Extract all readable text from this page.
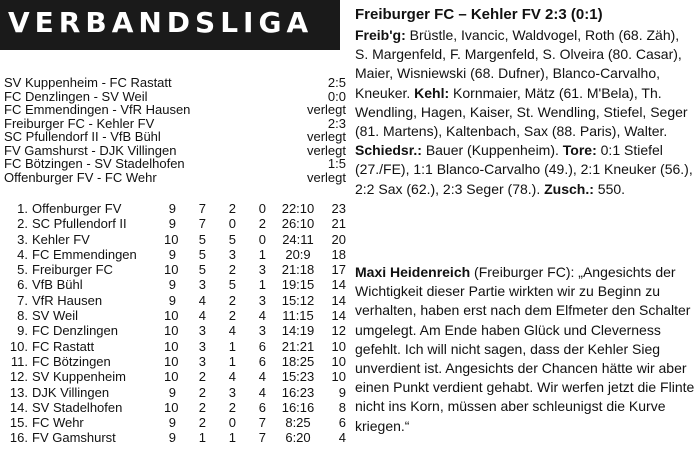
VERBANDSLIGA
SV Kuppenheim - FC Rastatt	2:5
FC Denzlingen - SV Weil	0:0
FC Emmendingen - VfR Hausen	verlegt
Freiburger FC - Kehler FV	2:3
SC Pfullendorf II - VfB Bühl	verlegt
FV Gamshurst - DJK Villingen	verlegt
FC Bötzingen - SV Stadelhofen	1:5
Offenburger FV - FC Wehr	verlegt
1. Offenburger FV	9	7	2	0	22:10	23
2. SC Pfullendorf II	9	7	0	2	26:10	21
3. Kehler FV	10	5	5	0	24:11	20
4. FC Emmendingen	9	5	3	1	20:9	18
5. Freiburger FC	10	5	2	3	21:18	17
6. VfB Bühl	9	3	5	1	19:15	14
7. VfR Hausen	9	4	2	3	15:12	14
8. SV Weil	10	4	2	4	11:15	14
9. FC Denzlingen	10	3	4	3	14:19	12
10. FC Rastatt	10	3	1	6	21:21	10
11. FC Bötzingen	10	3	1	6	18:25	10
12. SV Kuppenheim	10	2	4	4	15:23	10
13. DJK Villingen	9	2	3	4	16:23	9
14. SV Stadelhofen	10	2	2	6	16:16	8
15. FC Wehr	9	2	0	7	8:25	6
16. FV Gamshurst	9	1	1	7	6:20	4
Freiburger FC – Kehler FV 2:3 (0:1)
Freib'g: Brüstle, Ivancic, Waldvogel, Roth (68. Zäh), S. Margenfeld, F. Margenfeld, S. Olveira (80. Casar), Maier, Wisniewski (68. Dufner), Blanco-Carvalho, Kneuker. Kehl: Kornmaier, Mätz (61. M'Bela), Th. Wendling, Hagen, Kaiser, St. Wendling, Stiefel, Seger (81. Martens), Kaltenbach, Sax (88. Paris), Walter. Schiedsr.: Bauer (Kuppenheim). Tore: 0:1 Stiefel (27./FE), 1:1 Blanco-Carvalho (49.), 2:1 Kneuker (56.), 2:2 Sax (62.), 2:3 Seger (78.). Zusch.: 550.
Maxi Heidenreich (Freiburger FC): „Angesichts der Wichtigkeit dieser Partie wirkten wir zu Beginn zu verhalten, haben erst nach dem Elfmeter den Schalter umgelegt. Am Ende haben Glück und Cleverness gefehlt. Ich will nicht sagen, dass der Kehler Sieg unverdient ist. Angesichts der Chancen hätte wir aber einen Punkt verdient gehabt. Wir werfen jetzt die Flinte nicht ins Korn, müssen aber schleunigst die Kurve kriegen.“
